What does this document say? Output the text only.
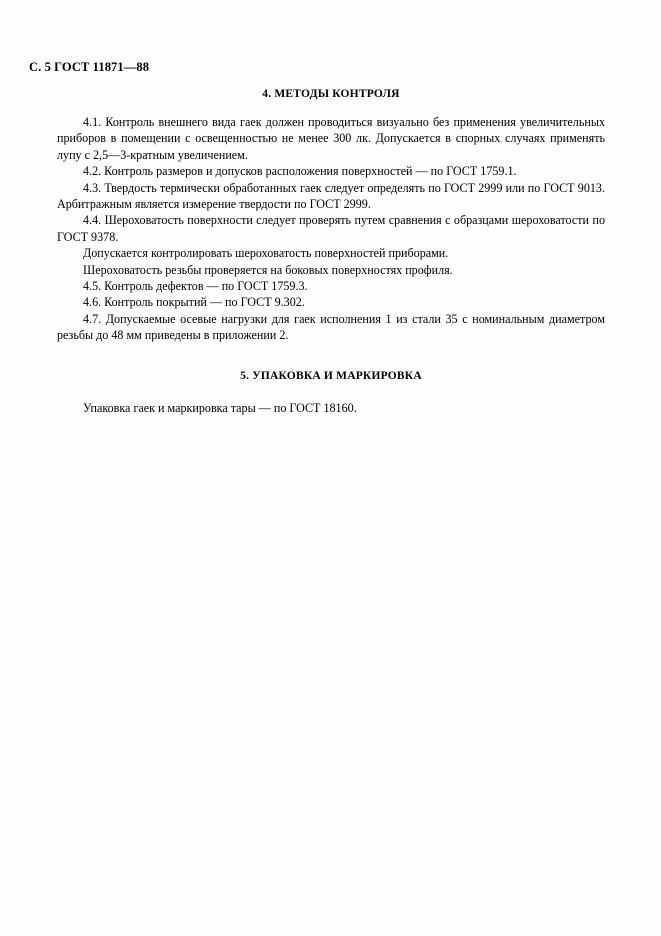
С. 5 ГОСТ 11871—88
4. МЕТОДЫ КОНТРОЛЯ

4.1. Контроль внешнего вида гаек должен проводиться визуально без применения увеличительных приборов в помещении с освещенностью не менее 300 лк. Допускается в спорных случаях применять лупу с 2,5—3-кратным увеличением.

4.2. Контроль размеров и допусков расположения поверхностей — по ГОСТ 1759.1.

4.3. Твердость термически обработанных гаек следует определять по ГОСТ 2999 или по ГОСТ 9013. Арбитражным является измерение твердости по ГОСТ 2999.

4.4. Шероховатость поверхности следует проверять путем сравнения с образцами шероховатости по ГОСТ 9378.

Допускается контролировать шероховатость поверхностей приборами.

Шероховатость резьбы проверяется на боковых поверхностях профиля.

4.5. Контроль дефектов — по ГОСТ 1759.3.

4.6. Контроль покрытий — по ГОСТ 9.302.

4.7. Допускаемые осевые нагрузки для гаек исполнения 1 из стали 35 с номинальным диаметром резьбы до 48 мм приведены в приложении 2.

5. УПАКОВКА И МАРКИРОВКА

Упаковка гаек и маркировка тары — по ГОСТ 18160.
